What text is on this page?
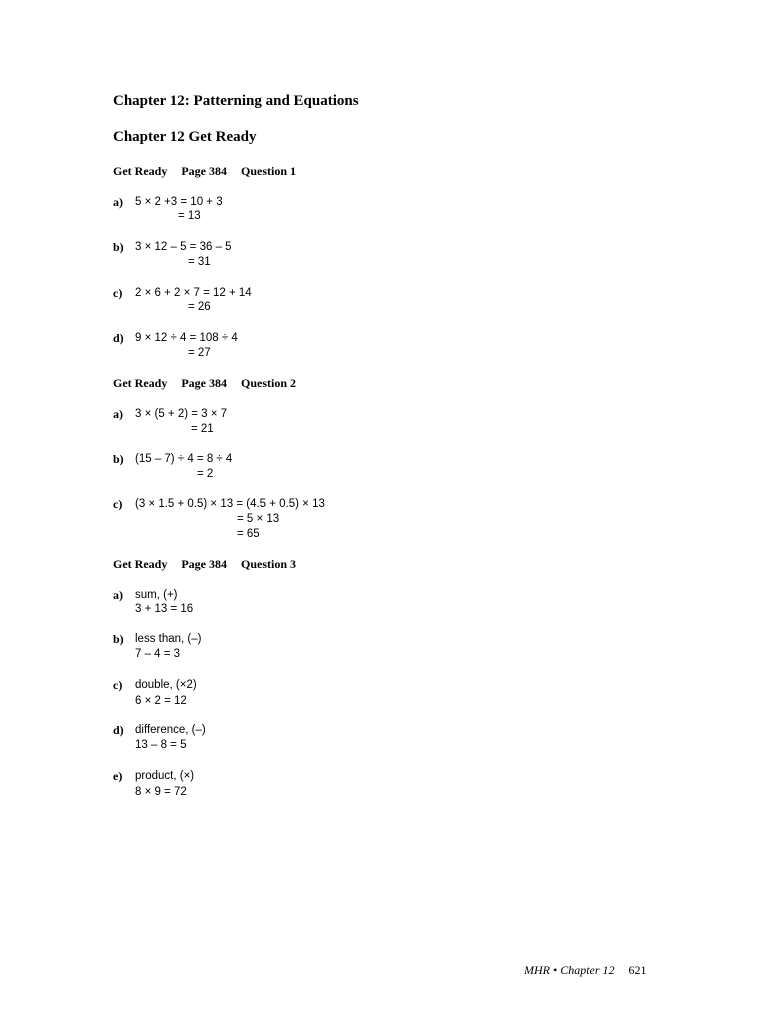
Chapter 12: Patterning and Equations
Chapter 12 Get Ready
Get Ready Page 384 Question 1
a) 5 × 2 +3 = 10 + 3
= 13
b) 3 × 12 – 5 = 36 – 5
= 31
c) 2 × 6 + 2 × 7 = 12 + 14
= 26
d) 9 × 12 ÷ 4 = 108 ÷ 4
= 27
Get Ready Page 384 Question 2
a) 3 × (5 + 2) = 3 × 7
= 21
b) (15 – 7) ÷ 4 = 8 ÷ 4
= 2
c) (3 × 1.5 + 0.5) × 13 = (4.5 + 0.5) × 13
= 5 × 13
= 65
Get Ready Page 384 Question 3
a) sum, (+)
3 + 13 = 16
b) less than, (–)
7 – 4 = 3
c) double, (×2)
6 × 2 = 12
d) difference, (–)
13 – 8 = 5
e) product, (×)
8 × 9 = 72
MHR • Chapter 12 621
